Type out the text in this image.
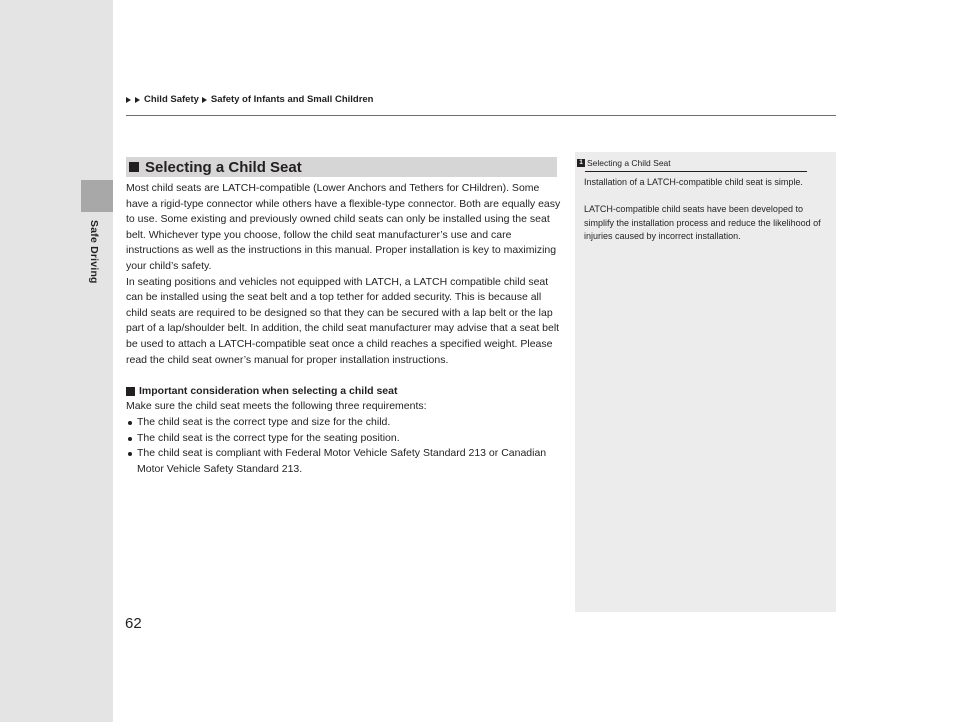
Safe Driving
Child Safety Safety of Infants and Small Children
Selecting a Child Seat

Most child seats are LATCH-compatible (Lower Anchors and Tethers for CHildren). Some have a rigid-type connector while others have a flexible-type connector. Both are equally easy to use. Some existing and previously owned child seats can only be installed using the seat belt. Whichever type you choose, follow the child seat manufacturer’s use and care instructions as well as the instructions in this manual. Proper installation is key to maximizing your child’s safety.

In seating positions and vehicles not equipped with LATCH, a LATCH compatible child seat can be installed using the seat belt and a top tether for added security. This is because all child seats are required to be designed so that they can be secured with a lap belt or the lap part of a lap/shoulder belt. In addition, the child seat manufacturer may advise that a seat belt be used to attach a LATCH-compatible seat once a child reaches a specified weight. Please read the child seat owner’s manual for proper installation instructions.

Important consideration when selecting a child seat

Make sure the child seat meets the following three requirements:

The child seat is the correct type and size for the child.
The child seat is the correct type for the seating position.
The child seat is compliant with Federal Motor Vehicle Safety Standard 213 or Canadian Motor Vehicle Safety Standard 213.
1 Selecting a Child Seat

Installation of a LATCH-compatible child seat is simple.

LATCH-compatible child seats have been developed to simplify the installation process and reduce the likelihood of injuries caused by incorrect installation.

62
